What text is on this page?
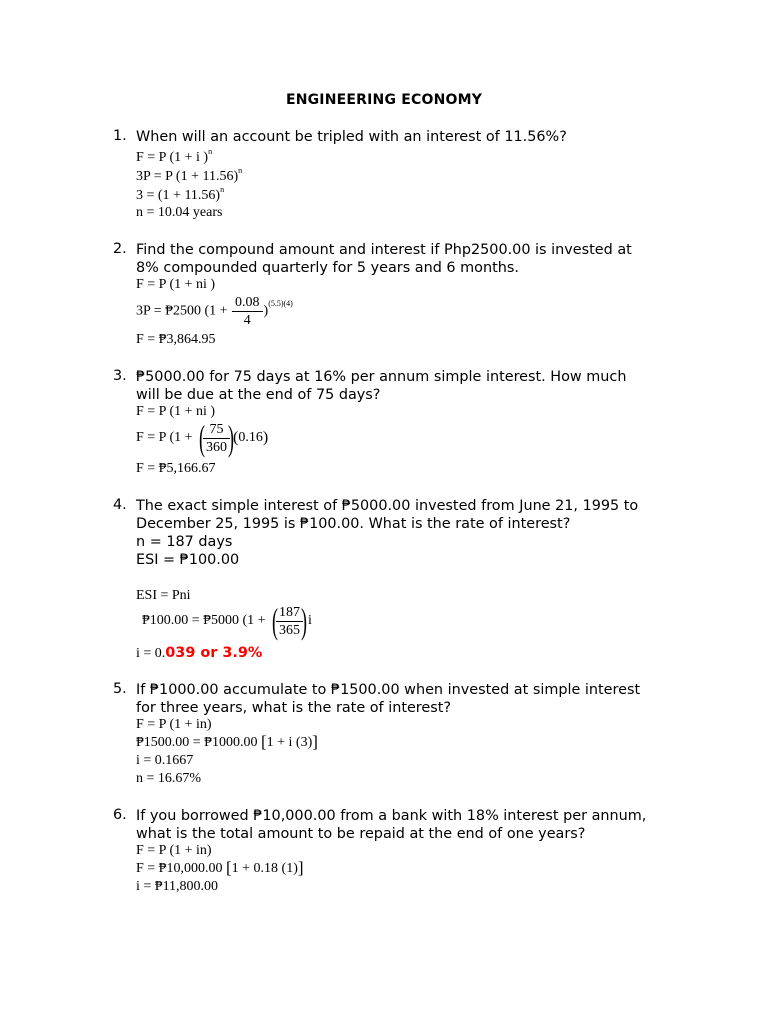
ENGINEERING ECONOMY
1. When will an account be tripled with an interest of 11.56%?
F = P (1 + i )$^n$
3P = P $(1 + 11.56)^n$
$3 = (1 + 11.56)^n$
n = 10.04 years
2. Find the compound amount and interest if Php2500.00 is invested at
8% compounded quarterly for 5 years and 6 months.
F = P (1 + ni )
3P = ₱2500 $(1 + \frac{0.08}{4} )^{(5.5)(4)}$
F = ₱3,864.95
3. ₱5000.00 for 75 days at 16% per annum simple interest. How much
will be due at the end of 75 days?
F = P (1 + ni )
F = P (1 + (
$\frac{75}{360}$
)(0.16)
F = ₱5,166.67
4. The exact simple interest of ₱5000.00 invested from June 21, 1995 to
December 25, 1995 is ₱100.00. What is the rate of interest?
n = 187 days
ESI = ₱100.00
ESI = Pni
₱100.00 = ₱5000 (1 + (
$\frac{187}{365}$
)i
i = 0.039 or 3.9%
5. If ₱1000.00 accumulate to ₱1500.00 when invested at simple interest
for three years, what is the rate of interest?
F = P (1 + in)
₱1500.00 = ₱1000.00 [1 + i (3)]
i = 0.1667
n = 16.67%
6. If you borrowed ₱10,000.00 from a bank with 18% interest per annum,
what is the total amount to be repaid at the end of one years?
F = P (1 + in)
F = ₱10,000.00 [1 + 0.18 (1)]
i = ₱11,800.00
